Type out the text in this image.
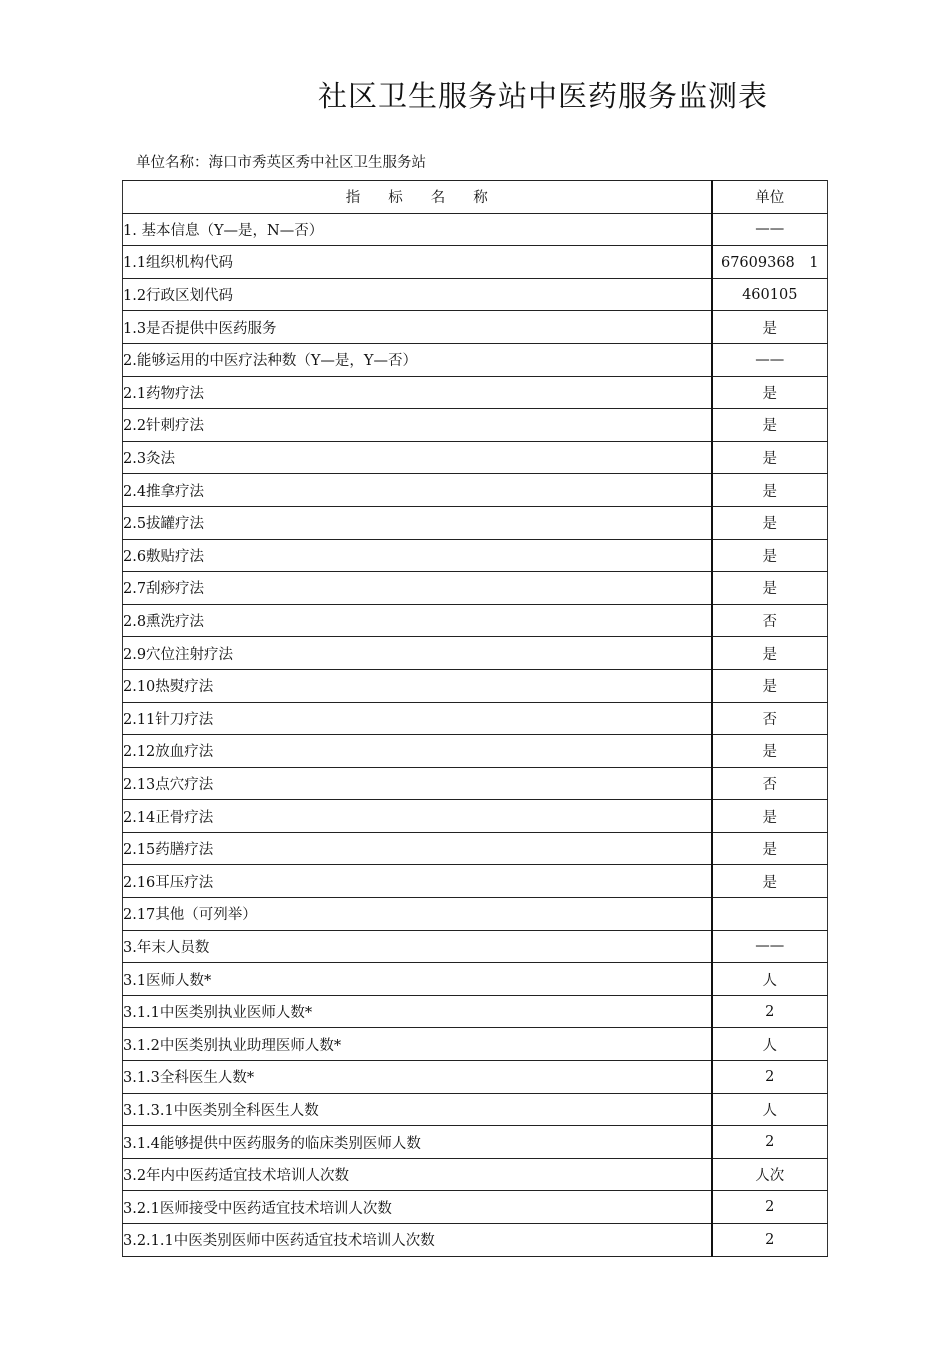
社区卫生服务站中医药服务监测表
单位名称：海口市秀英区秀中社区卫生服务站
指 标 名 称	单位
1. 基本信息（Y—是，N—否）	——
1.1组织机构代码	67609368　1
1.2行政区划代码	460105
1.3是否提供中医药服务	是
2.能够运用的中医疗法种数（Y—是，Y—否）	——
2.1药物疗法	是
2.2针刺疗法	是
2.3灸法	是
2.4推拿疗法	是
2.5拔罐疗法	是
2.6敷贴疗法	是
2.7刮痧疗法	是
2.8熏洗疗法	否
2.9穴位注射疗法	是
2.10热熨疗法	是
2.11针刀疗法	否
2.12放血疗法	是
2.13点穴疗法	否
2.14正骨疗法	是
2.15药膳疗法	是
2.16耳压疗法	是
2.17其他（可列举）	
3.年末人员数	——
3.1医师人数*	人
3.1.1中医类别执业医师人数*	2
3.1.2中医类别执业助理医师人数*	人
3.1.3全科医生人数*	2
3.1.3.1中医类别全科医生人数	人
3.1.4能够提供中医药服务的临床类别医师人数	2
3.2年内中医药适宜技术培训人次数	人次
3.2.1医师接受中医药适宜技术培训人次数	2
3.2.1.1中医类别医师中医药适宜技术培训人次数	2
